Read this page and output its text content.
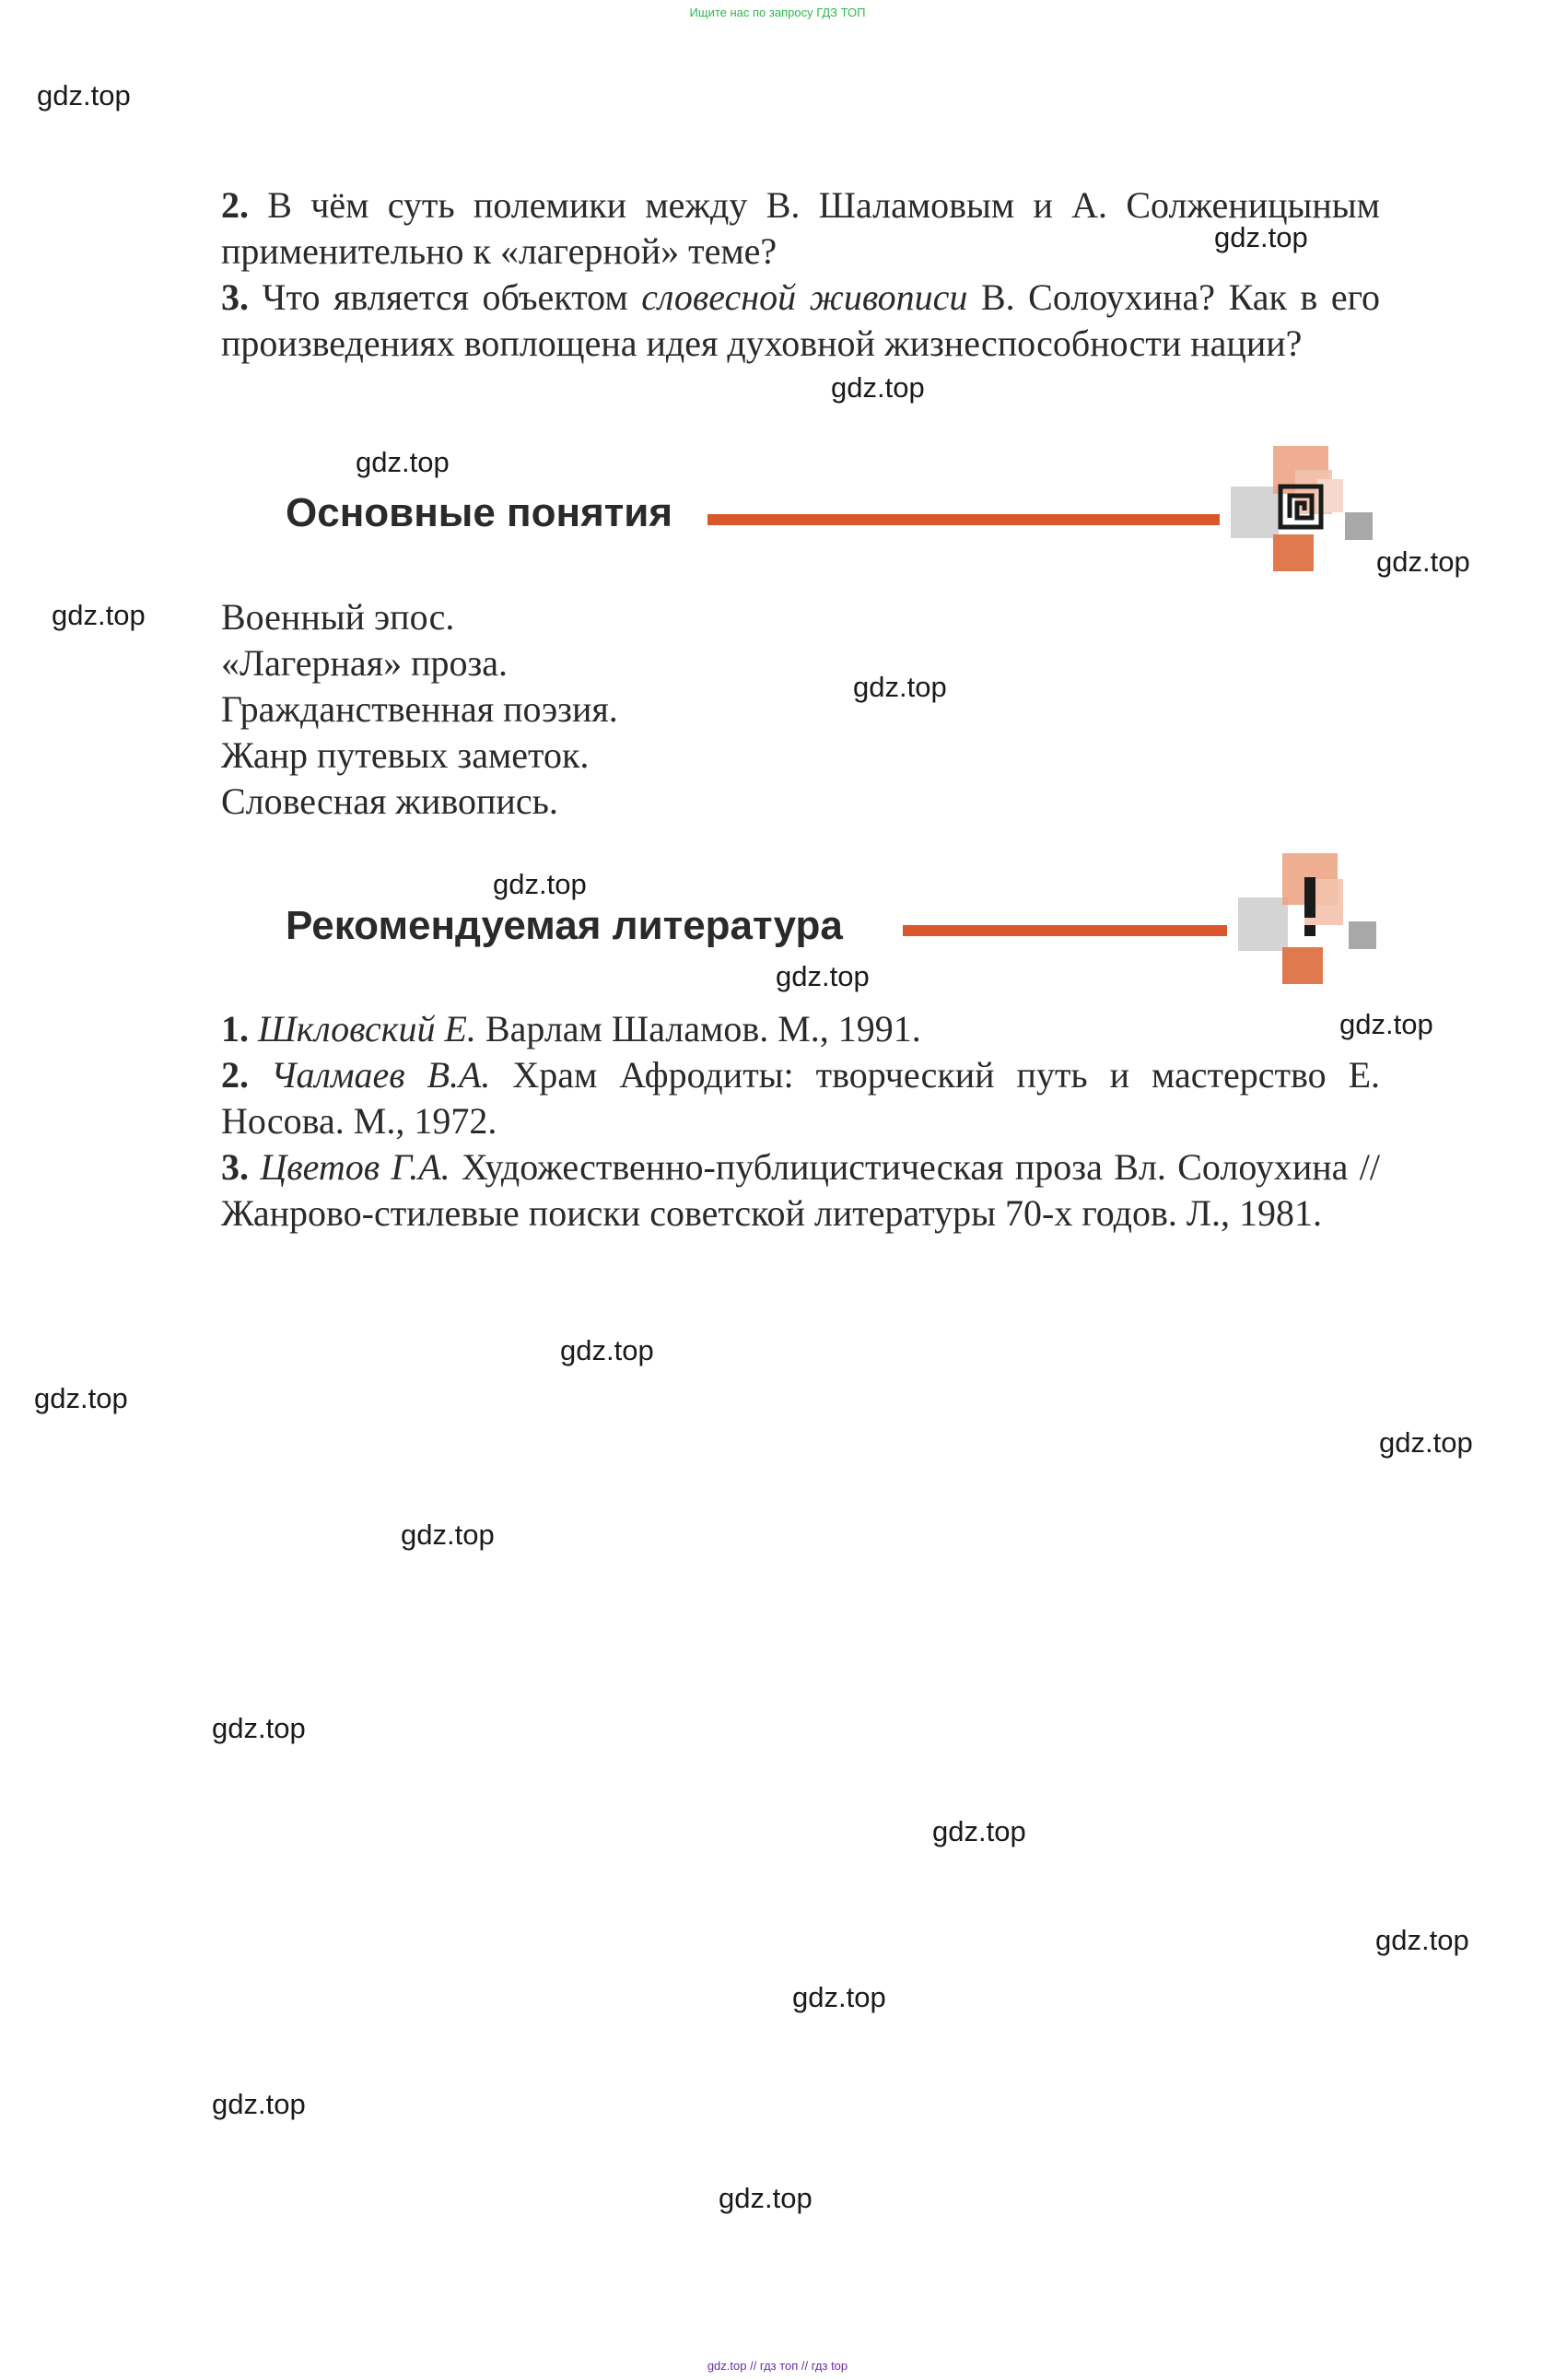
Ищите нас по запросу ГДЗ ТОП
gdz.top
gdz.top
gdz.top
gdz.top
gdz.top
gdz.top
gdz.top
gdz.top
gdz.top
gdz.top
gdz.top
gdz.top
gdz.top
gdz.top
gdz.top
gdz.top
gdz.top
gdz.top
gdz.top
gdz.top

2. В чём суть полемики между В. Шаламовым и А. Солженицыным применительно к «лагерной» теме?

3. Что является объектом словесной живописи В. Солоухина? Как в его произведениях воплощена идея духовной жизнеспособности нации?

Основные понятия
Военный эпос.
«Лагерная» проза.
Гражданственная поэзия.
Жанр путевых заметок.
Словесная живопись.
Рекомендуемая литература

1. Шкловский Е. Варлам Шаламов. М., 1991.

2. Чалмаев В.А. Храм Афродиты: творческий путь и мастерство Е. Носова. М., 1972.

3. Цветов Г.А. Художественно-публицистическая проза Вл. Солоухина // Жанрово-стилевые поиски советской литературы 70-х годов. Л., 1981.

gdz.top // гдз топ // гдз top
